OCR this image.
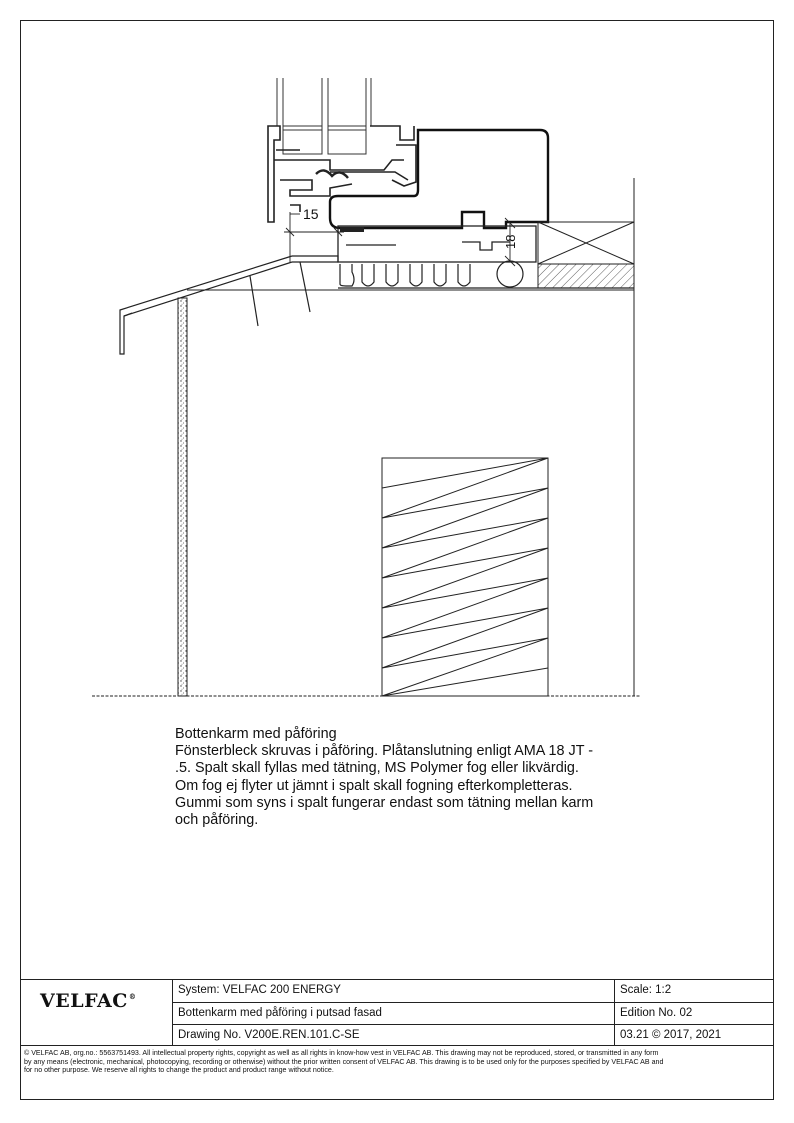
15
18

Bottenkarm med påföring

Fönsterbleck skruvas i påföring. Plåtanslutning enligt AMA 18 JT - .5. Spalt skall fyllas med tätning, MS Polymer fog eller likvärdig. Om fog ej flyter ut jämnt i spalt skall fogning efterkompletteras. Gummi som syns i spalt fungerar endast som tätning mellan karm och påföring.

VELFAC®
System: VELFAC 200 ENERGY
Bottenkarm med påföring i putsad fasad
Drawing No. V200E.REN.101.C-SE
Scale: 1:2
Edition No. 02
03.21 © 2017, 2021
© VELFAC AB, org.no.: 5563751493. All intellectual property rights, copyright as well as all rights in know-how vest in VELFAC AB. This drawing may not be reproduced, stored, or transmitted in any form by any means (electronic, mechanical, photocopying, recording or otherwise) without the prior written consent of VELFAC AB. This drawing is to be used only for the purposes specified by VELFAC AB and for no other purpose. We reserve all rights to change the product and product range without notice.
